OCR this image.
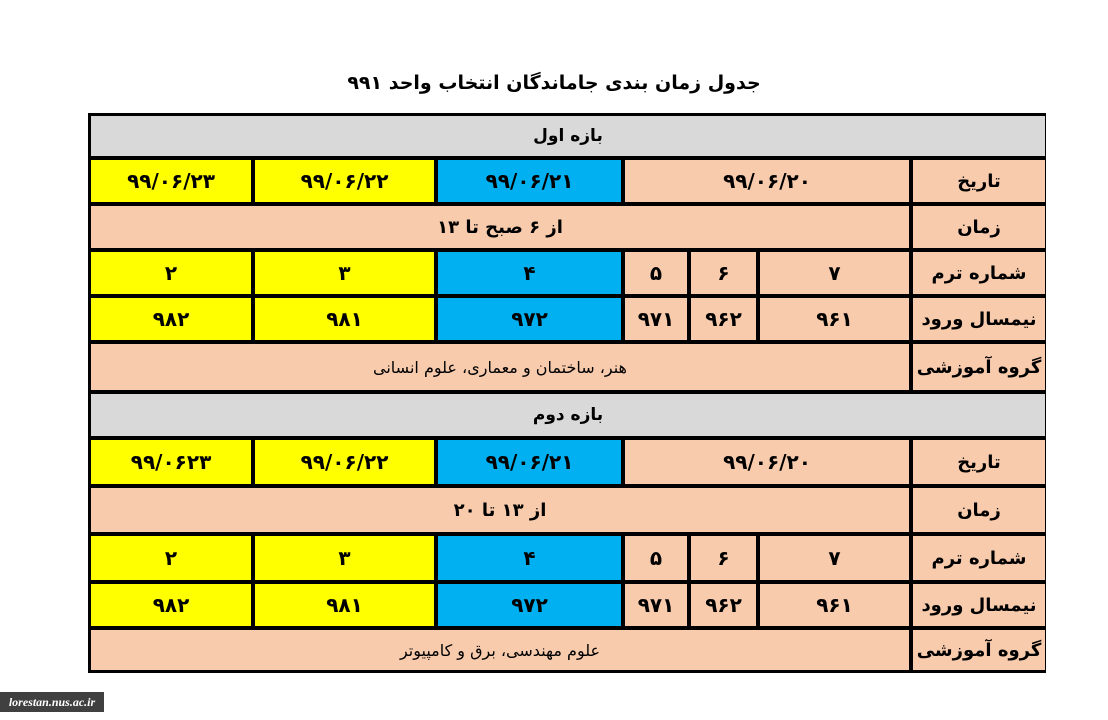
جدول زمان بندی جاماندگان انتخاب واحد ۹۹۱
بازه اول
تاریخ
۹۹/۰۶/۲۰
۹۹/۰۶/۲۱
۹۹/۰۶/۲۲
۹۹/۰۶/۲۳
زمان
از ۶ صبح تا ۱۳
شماره ترم
۷
۶
۵
۴
۳
۲
نیمسال ورود
۹۶۱
۹۶۲
۹۷۱
۹۷۲
۹۸۱
۹۸۲
گروه آموزشی
هنر، ساختمان و معماری، علوم انسانی
بازه دوم
تاریخ
۹۹/۰۶/۲۰
۹۹/۰۶/۲۱
۹۹/۰۶/۲۲
۹۹/۰۶۲۳
زمان
از ۱۳ تا ۲۰
شماره ترم
۷
۶
۵
۴
۳
۲
نیمسال ورود
۹۶۱
۹۶۲
۹۷۱
۹۷۲
۹۸۱
۹۸۲
گروه آموزشی
علوم مهندسی، برق و کامپیوتر
lorestan.nus.ac.ir
